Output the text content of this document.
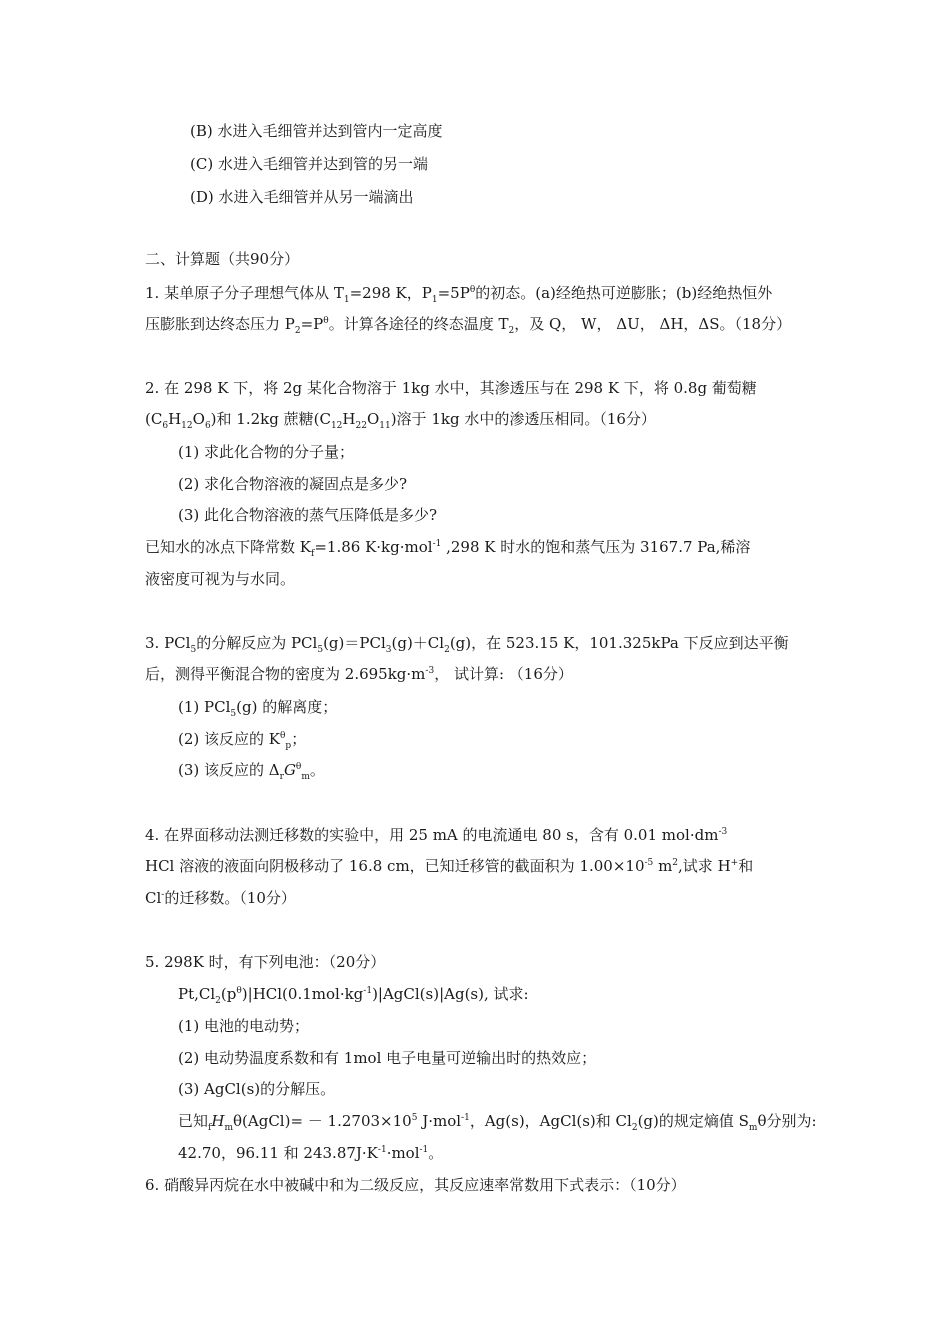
(B) 水进入毛细管并达到管内一定高度
(C) 水进入毛细管并达到管的另一端
(D) 水进入毛细管并从另一端滴出
二、计算题（共90分）
1. 某单原子分子理想气体从 $T_1=298$ K，$P_1=5P^\theta$的初态。(a)经绝热可逆膨胀；(b)经绝热恒外
压膨胀到达终态压力 $P_2=P^\theta$。计算各途径的终态温度 $T_2$，及 Q， W， ΔU， ΔH，ΔS。（18分）
2. 在 298 K 下，将 2g 某化合物溶于 1kg 水中，其渗透压与在 298 K 下，将 0.8g 葡萄糖
$(C_6H_{12}O_6)$和 1.2kg 蔗糖$(C_{12}H_{22}O_{11})$溶于 1kg 水中的渗透压相同。（16分）
(1) 求此化合物的分子量；
(2) 求化合物溶液的凝固点是多少?
(3) 此化合物溶液的蒸气压降低是多少?
已知水的冰点下降常数 $K_f=1.86$ K·kg·mol$^{-1}$ ,298 K 时水的饱和蒸气压为 3167.7 Pa,稀溶
液密度可视为与水同。
3. PCl$_5$的分解反应为 $PCl_5(g)=PCl_3(g)+Cl_2(g)$，在 523.15 K，101.325kPa 下反应到达平衡
后，测得平衡混合物的密度为 $2.695kg\cdot m^{-3}$， 试计算: （16分）
(1) PCl$_5$(g) 的解离度；
(2) 该反应的 $K^\theta_p$；
(3) 该反应的 $\Delta_rG^\theta_m$。
4. 在界面移动法测迁移数的实验中，用 25 mA 的电流通电 80 s，含有 0.01 $mol\cdot dm^{-3}$
HCl 溶液的液面向阴极移动了 16.8 cm，已知迁移管的截面积为 $1.00\times 10^{-5}$ $m^2$,试求 H+和
Cl-的迁移数。（10分）
5. 298K 时，有下列电池：（20分）
$Pt,Cl_2(p^\theta)|HCl(0.1mol\cdot kg^{-1})|AgCl(s)|Ag(s)$, 试求:
(1) 电池的电动势；
(2) 电动势温度系数和有 1mol 电子电量可逆输出时的热效应；
(3) AgCl(s)的分解压。
已知$_fH_m\theta(AgCl)= - 1.2703\times 10^5$ J·mol$^{-1}$，Ag(s)，AgCl(s)和 $Cl_2(g)$的规定熵值 $S_m\theta$分别为:
42.70，96.11 和 $243.87J\cdot K^{-1}\cdot mol^{-1}$。
6. 硝酸异丙烷在水中被碱中和为二级反应，其反应速率常数用下式表示：（10分）
